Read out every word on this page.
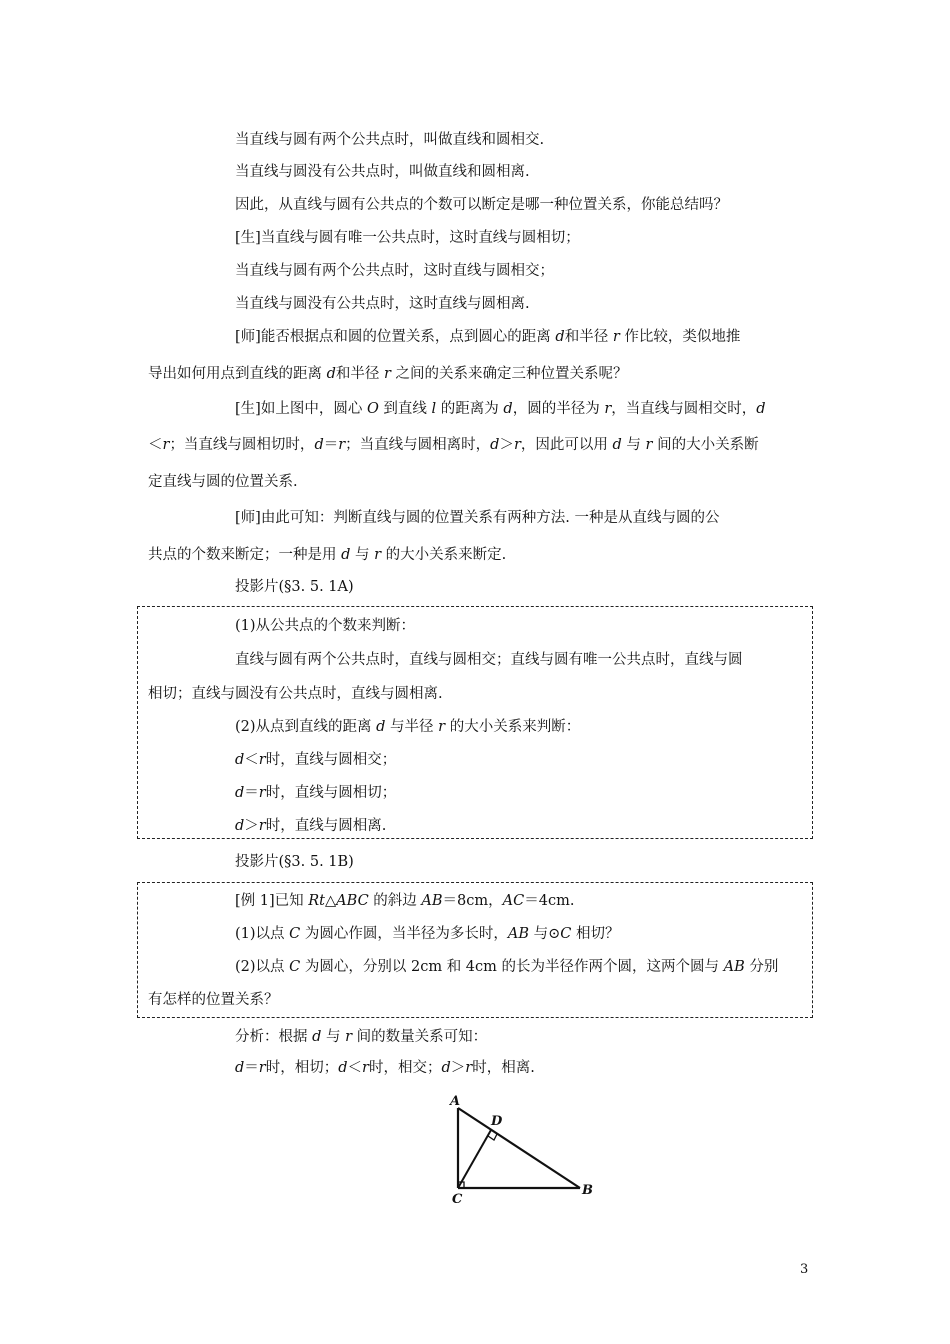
当直线与圆有两个公共点时，叫做直线和圆相交.
当直线与圆没有公共点时，叫做直线和圆相离.
因此，从直线与圆有公共点的个数可以断定是哪一种位置关系，你能总结吗？
[生]当直线与圆有唯一公共点时，这时直线与圆相切；
当直线与圆有两个公共点时，这时直线与圆相交；
当直线与圆没有公共点时，这时直线与圆相离.
[师]能否根据点和圆的位置关系，点到圆心的距离 d和半径 r 作比较，类似地推
导出如何用点到直线的距离 d和半径 r 之间的关系来确定三种位置关系呢？
[生]如上图中，圆心 O 到直线 l 的距离为 d，圆的半径为 r，当直线与圆相交时，d
＜r；当直线与圆相切时，d＝r；当直线与圆相离时，d＞r，因此可以用 d 与 r 间的大小关系断
定直线与圆的位置关系.
[师]由此可知：判断直线与圆的位置关系有两种方法. 一种是从直线与圆的公
共点的个数来断定；一种是用 d 与 r 的大小关系来断定.
投影片(§3. 5. 1A)
(1)从公共点的个数来判断：
直线与圆有两个公共点时，直线与圆相交；直线与圆有唯一公共点时，直线与圆
相切；直线与圆没有公共点时，直线与圆相离.
(2)从点到直线的距离 d 与半径 r 的大小关系来判断：
d＜r时，直线与圆相交；
d＝r时，直线与圆相切；
d＞r时，直线与圆相离.
投影片(§3. 5. 1B)
[例 1]已知 Rt△ABC 的斜边 AB＝8cm，AC＝4cm.
(1)以点 C 为圆心作圆，当半径为多长时，AB 与⊙C 相切？
(2)以点 C 为圆心，分别以 2cm 和 4cm 的长为半径作两个圆，这两个圆与 AB 分别
有怎样的位置关系？
分析：根据 d 与 r 间的数量关系可知：
d＝r时，相切；d＜r时，相交；d＞r时，相离.
A
D
C
B
3
